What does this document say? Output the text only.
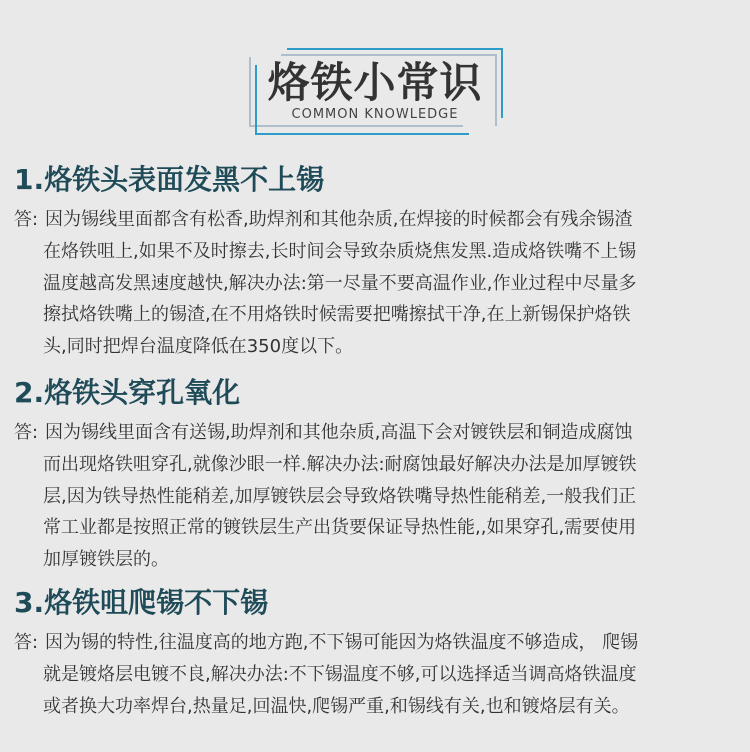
烙铁小常识
COMMON KNOWLEDGE
1.烙铁头表面发黑不上锡
答: 因为锡线里面都含有松香,助焊剂和其他杂质,在焊接的时候都会有残余锡渣
在烙铁咀上,如果不及时擦去,长时间会导致杂质烧焦发黑.造成烙铁嘴不上锡
温度越高发黑速度越快,解决办法:第一尽量不要高温作业,作业过程中尽量多
擦拭烙铁嘴上的锡渣,在不用烙铁时候需要把嘴擦拭干净,在上新锡保护烙铁
头,同时把焊台温度降低在350度以下。
2.烙铁头穿孔氧化
答: 因为锡线里面含有送锡,助焊剂和其他杂质,高温下会对镀铁层和铜造成腐蚀
而出现烙铁咀穿孔,就像沙眼一样.解决办法:耐腐蚀最好解决办法是加厚镀铁
层,因为铁导热性能稍差,加厚镀铁层会导致烙铁嘴导热性能稍差,一般我们正
常工业都是按照正常的镀铁层生产出货要保证导热性能,,如果穿孔,需要使用
加厚镀铁层的。
3.烙铁咀爬锡不下锡
答: 因为锡的特性,往温度高的地方跑,不下锡可能因为烙铁温度不够造成， 爬锡
就是镀烙层电镀不良,解决办法:不下锡温度不够,可以选择适当调高烙铁温度
或者换大功率焊台,热量足,回温快,爬锡严重,和锡线有关,也和镀烙层有关。
